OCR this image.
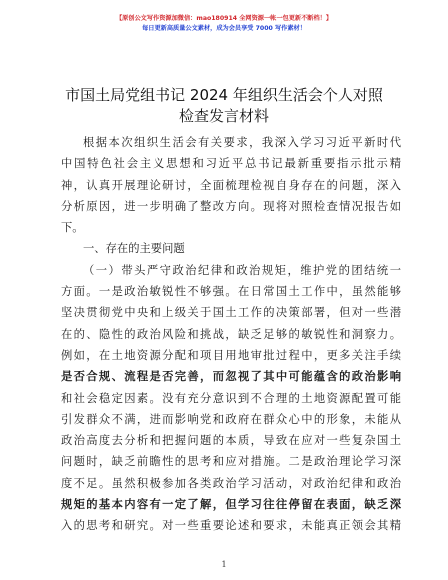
【原创公文写作资源加微信：mao180914 全网资源一帐一包更新不断档！】
每日更新高质量公文素材，成为会员享受 7000 写作素材！
市国土局党组书记 2024 年组织生活会个人对照
检查发言材料
根据本次组织生活会有关要求，我深入学习习近平新时代
中国特色社会主义思想和习近平总书记最新重要指示批示精
神，认真开展理论研讨，全面梳理检视自身存在的问题，深入
分析原因，进一步明确了整改方向。现将对照检查情况报告如
下。
一、存在的主要问题
（一）带头严守政治纪律和政治规矩，维护党的团结统一
方面。一是政治敏锐性不够强。在日常国土工作中，虽然能够
坚决贯彻党中央和上级关于国土工作的决策部署，但对一些潜
在的、隐性的政治风险和挑战，缺乏足够的敏锐性和洞察力。
例如，在土地资源分配和项目用地审批过程中，更多关注手续
是否合规、流程是否完善，而忽视了其中可能蕴含的政治影响
和社会稳定因素。没有充分意识到不合理的土地资源配置可能
引发群众不满，进而影响党和政府在群众心中的形象，未能从
政治高度去分析和把握问题的本质，导致在应对一些复杂国土
问题时，缺乏前瞻性的思考和应对措施。二是政治理论学习深
度不足。虽然积极参加各类政治学习活动，对政治纪律和政治
规矩的基本内容有一定了解，但学习往往停留在表面，缺乏深
入的思考和研究。对一些重要论述和要求，未能真正领会其精
1
